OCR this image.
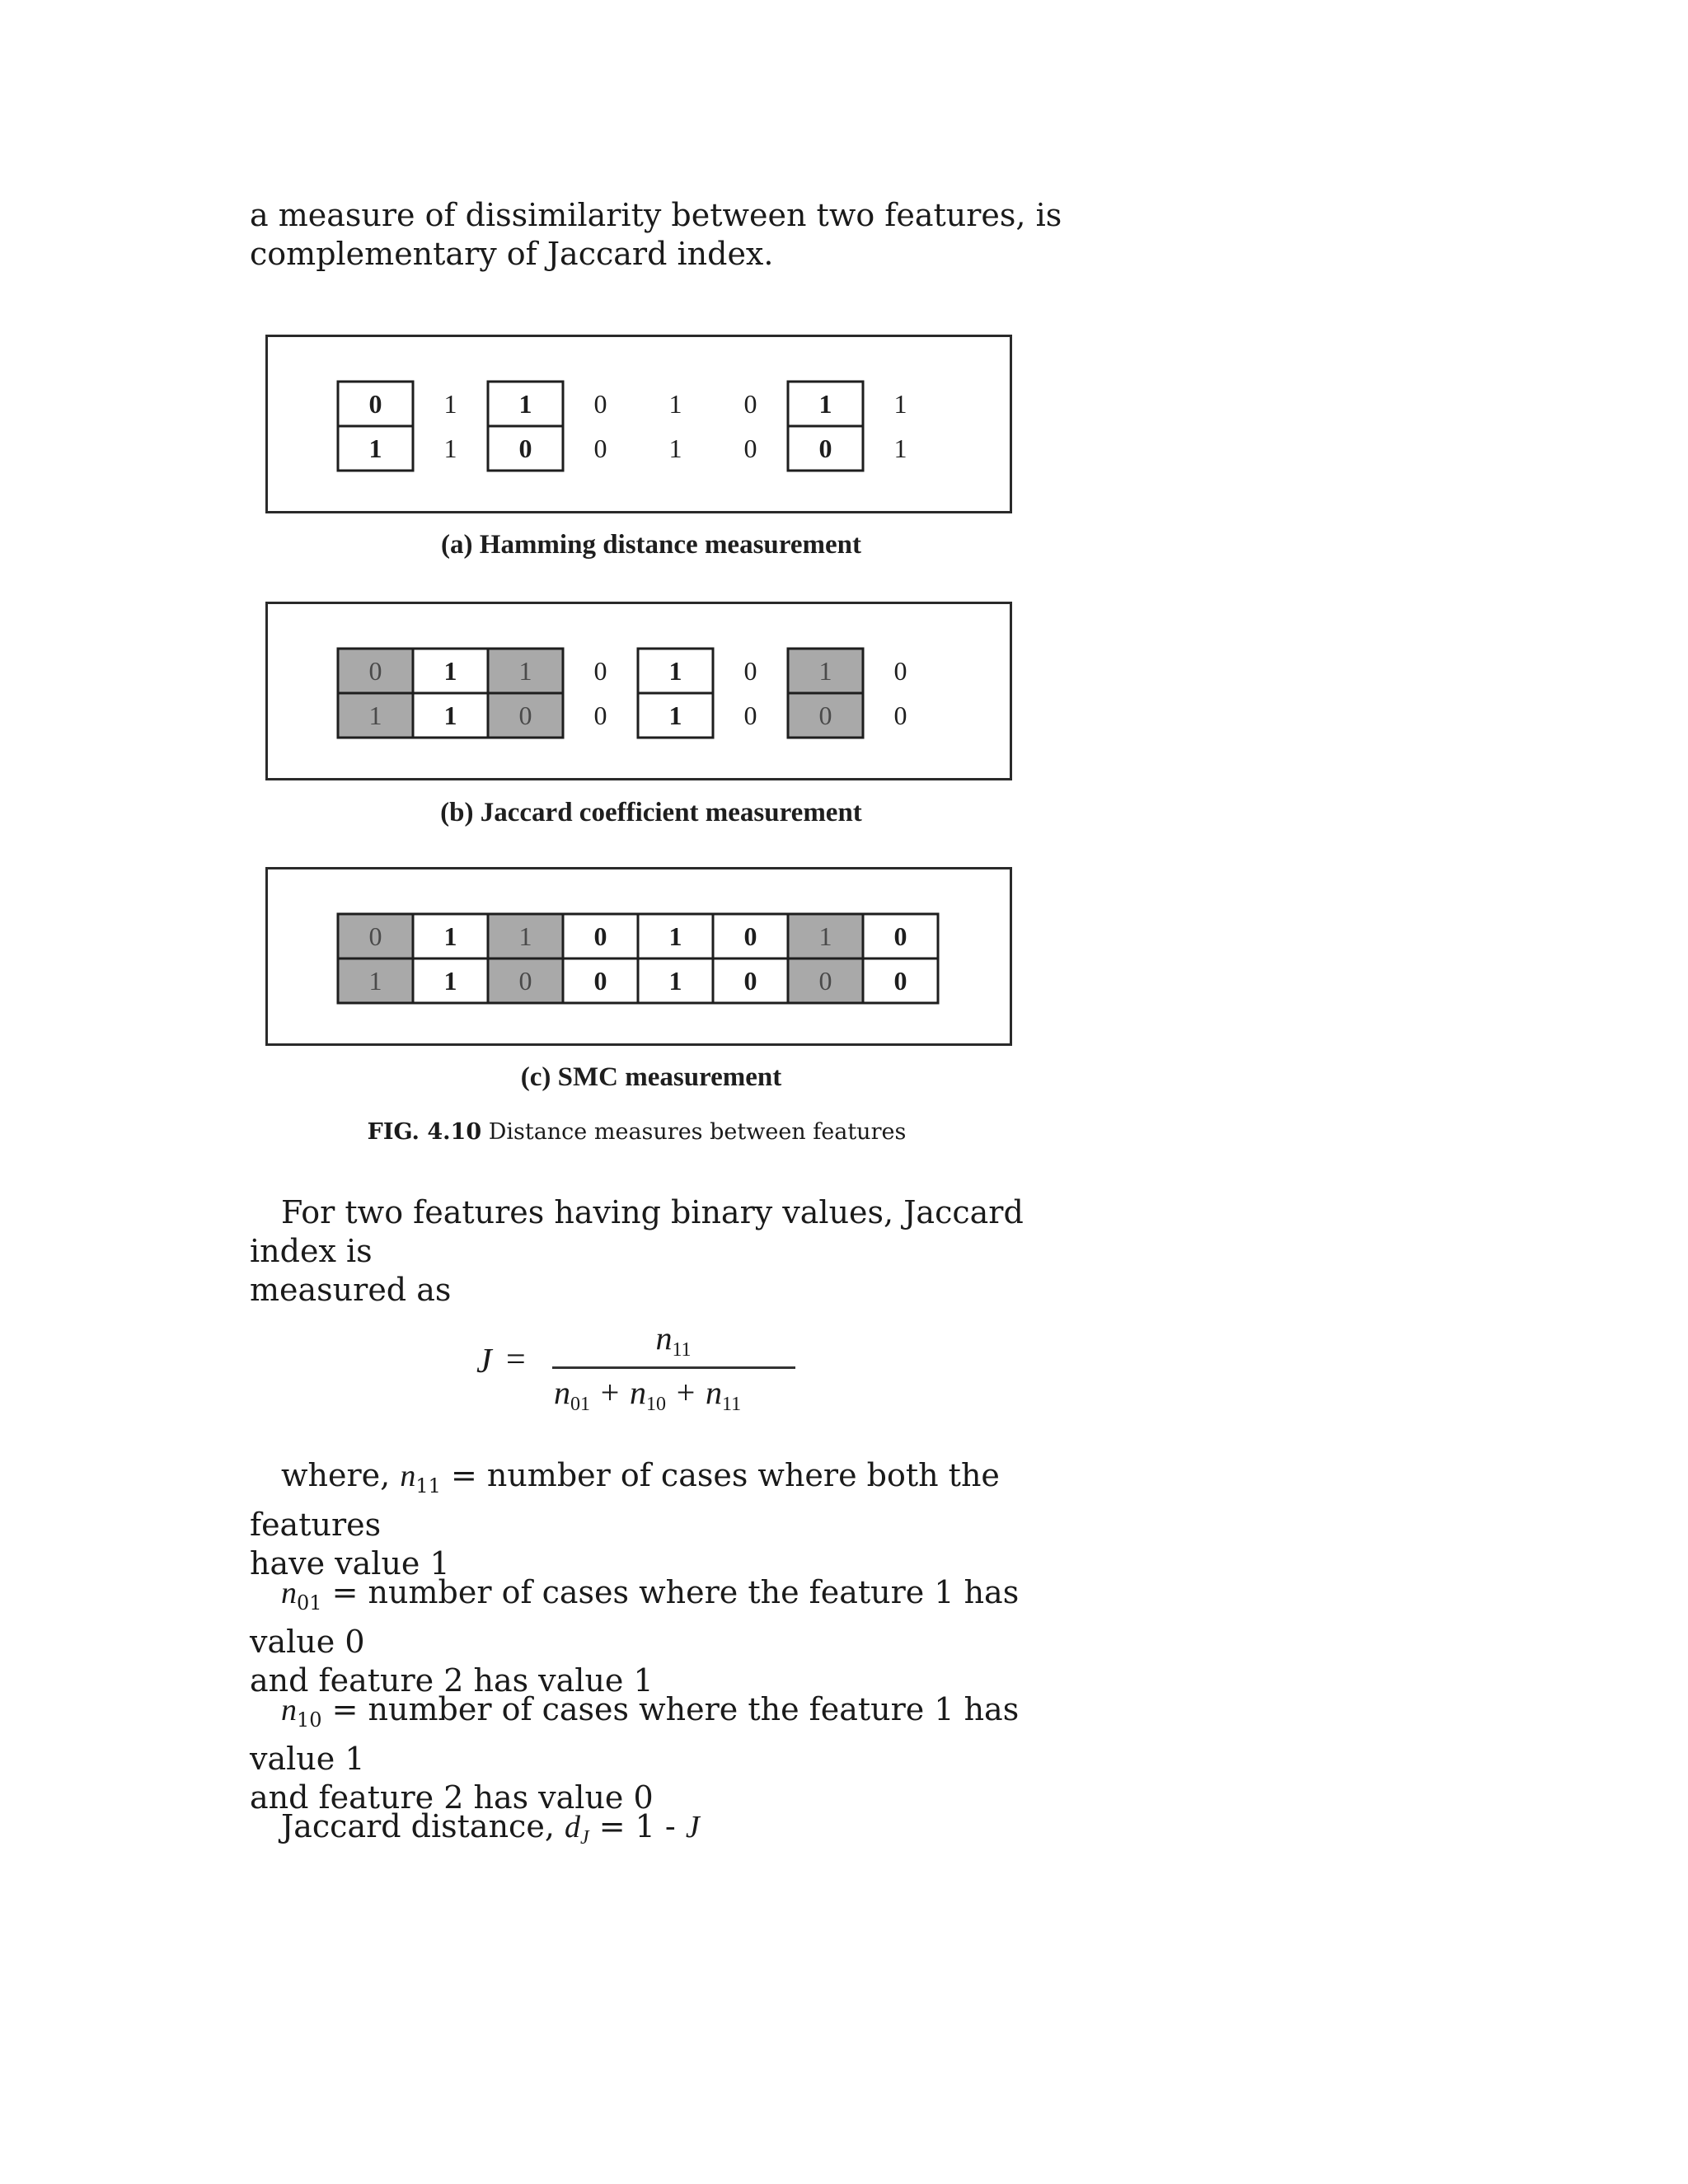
a measure of dissimilarity between two features, is
complementary of Jaccard index.

0
1
1
1
1
0
0
0
1
1
0
0
1
0
1
1
(a) Hamming distance measurement
0
1
1
1
1
0
0
0
1
1
0
0
1
0
0
0
(b) Jaccard coefficient measurement
0
1
1
1
1
0
0
0
1
1
0
0
1
0
0
0
(c) SMC measurement
FIG. 4.10 Distance measures between features

For two features having binary values, Jaccard index is
measured as

J =
$n_{11}$
$n_{01} + n_{10} + n_{11}$

where, $n_{11}$ = number of cases where both the features
have value 1

$n_{01}$ = number of cases where the feature 1 has value 0
and feature 2 has value 1

$n_{10}$ = number of cases where the feature 1 has value 1
and feature 2 has value 0

Jaccard distance, $d_J = 1 - J$
